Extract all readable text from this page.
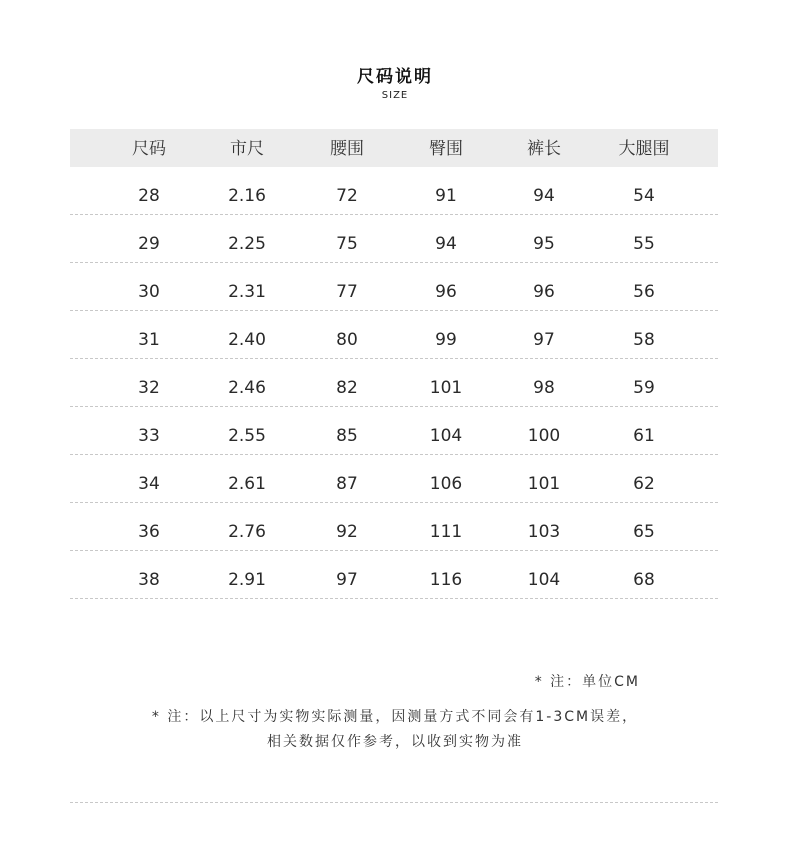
尺码说明
SIZE
尺码	市尺	腰围	臀围	裤长	大腿围
28	2.16	72	91	94	54
29	2.25	75	94	95	55
30	2.31	77	96	96	56
31	2.40	80	99	97	58
32	2.46	82	101	98	59
33	2.55	85	104	100	61
34	2.61	87	106	101	62
36	2.76	92	111	103	65
38	2.91	97	116	104	68
* 注：单位CM
* 注：以上尺寸为实物实际测量，因测量方式不同会有1-3CM误差，
相关数据仅作参考，以收到实物为准
